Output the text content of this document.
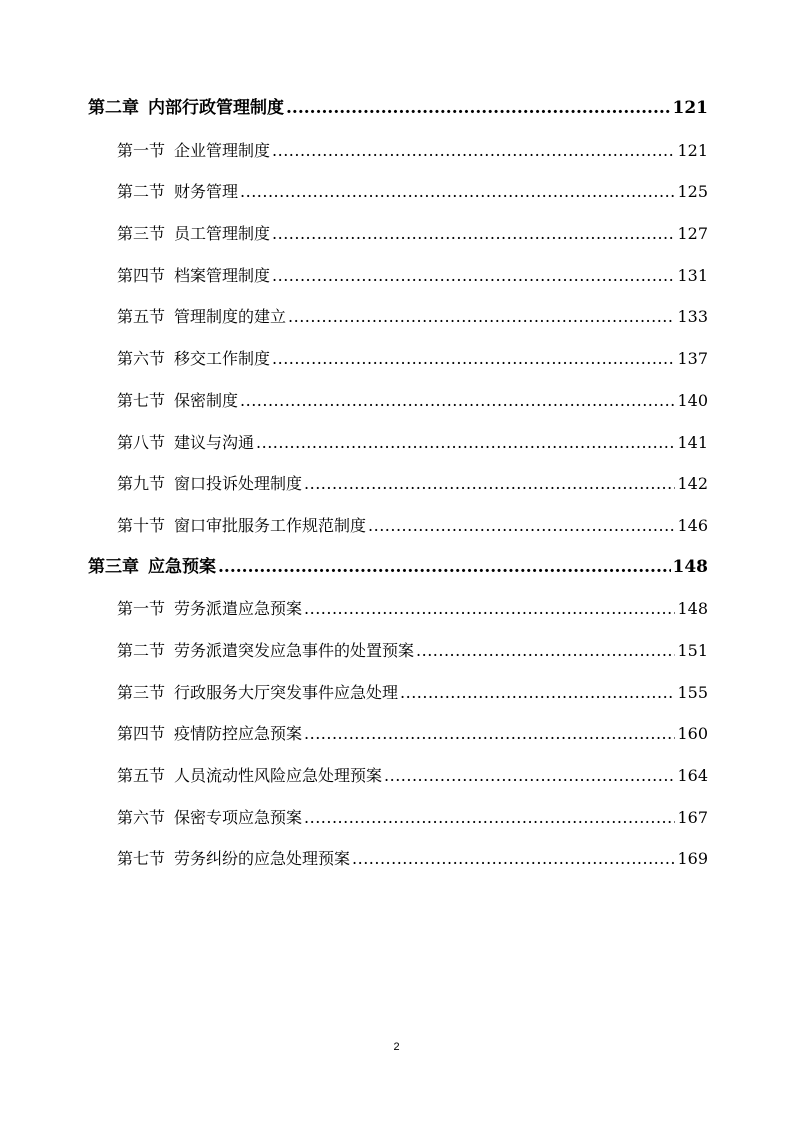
第二章 内部行政管理制度 .....	121
第一节 企业管理制度 .....	121
第二节 财务管理 .....	125
第三节 员工管理制度 .....	127
第四节 档案管理制度 .....	131
第五节 管理制度的建立 .....	133
第六节 移交工作制度 .....	137
第七节 保密制度 .....	140
第八节 建议与沟通 .....	141
第九节 窗口投诉处理制度 .....	142
第十节 窗口审批服务工作规范制度 .....	146
第三章 应急预案 .....	148
第一节 劳务派遣应急预案 .....	148
第二节 劳务派遣突发应急事件的处置预案 .....	151
第三节 行政服务大厅突发事件应急处理 .....	155
第四节 疫情防控应急预案 .....	160
第五节 人员流动性风险应急处理预案 .....	164
第六节 保密专项应急预案 .....	167
第七节 劳务纠纷的应急处理预案 .....	169
2
